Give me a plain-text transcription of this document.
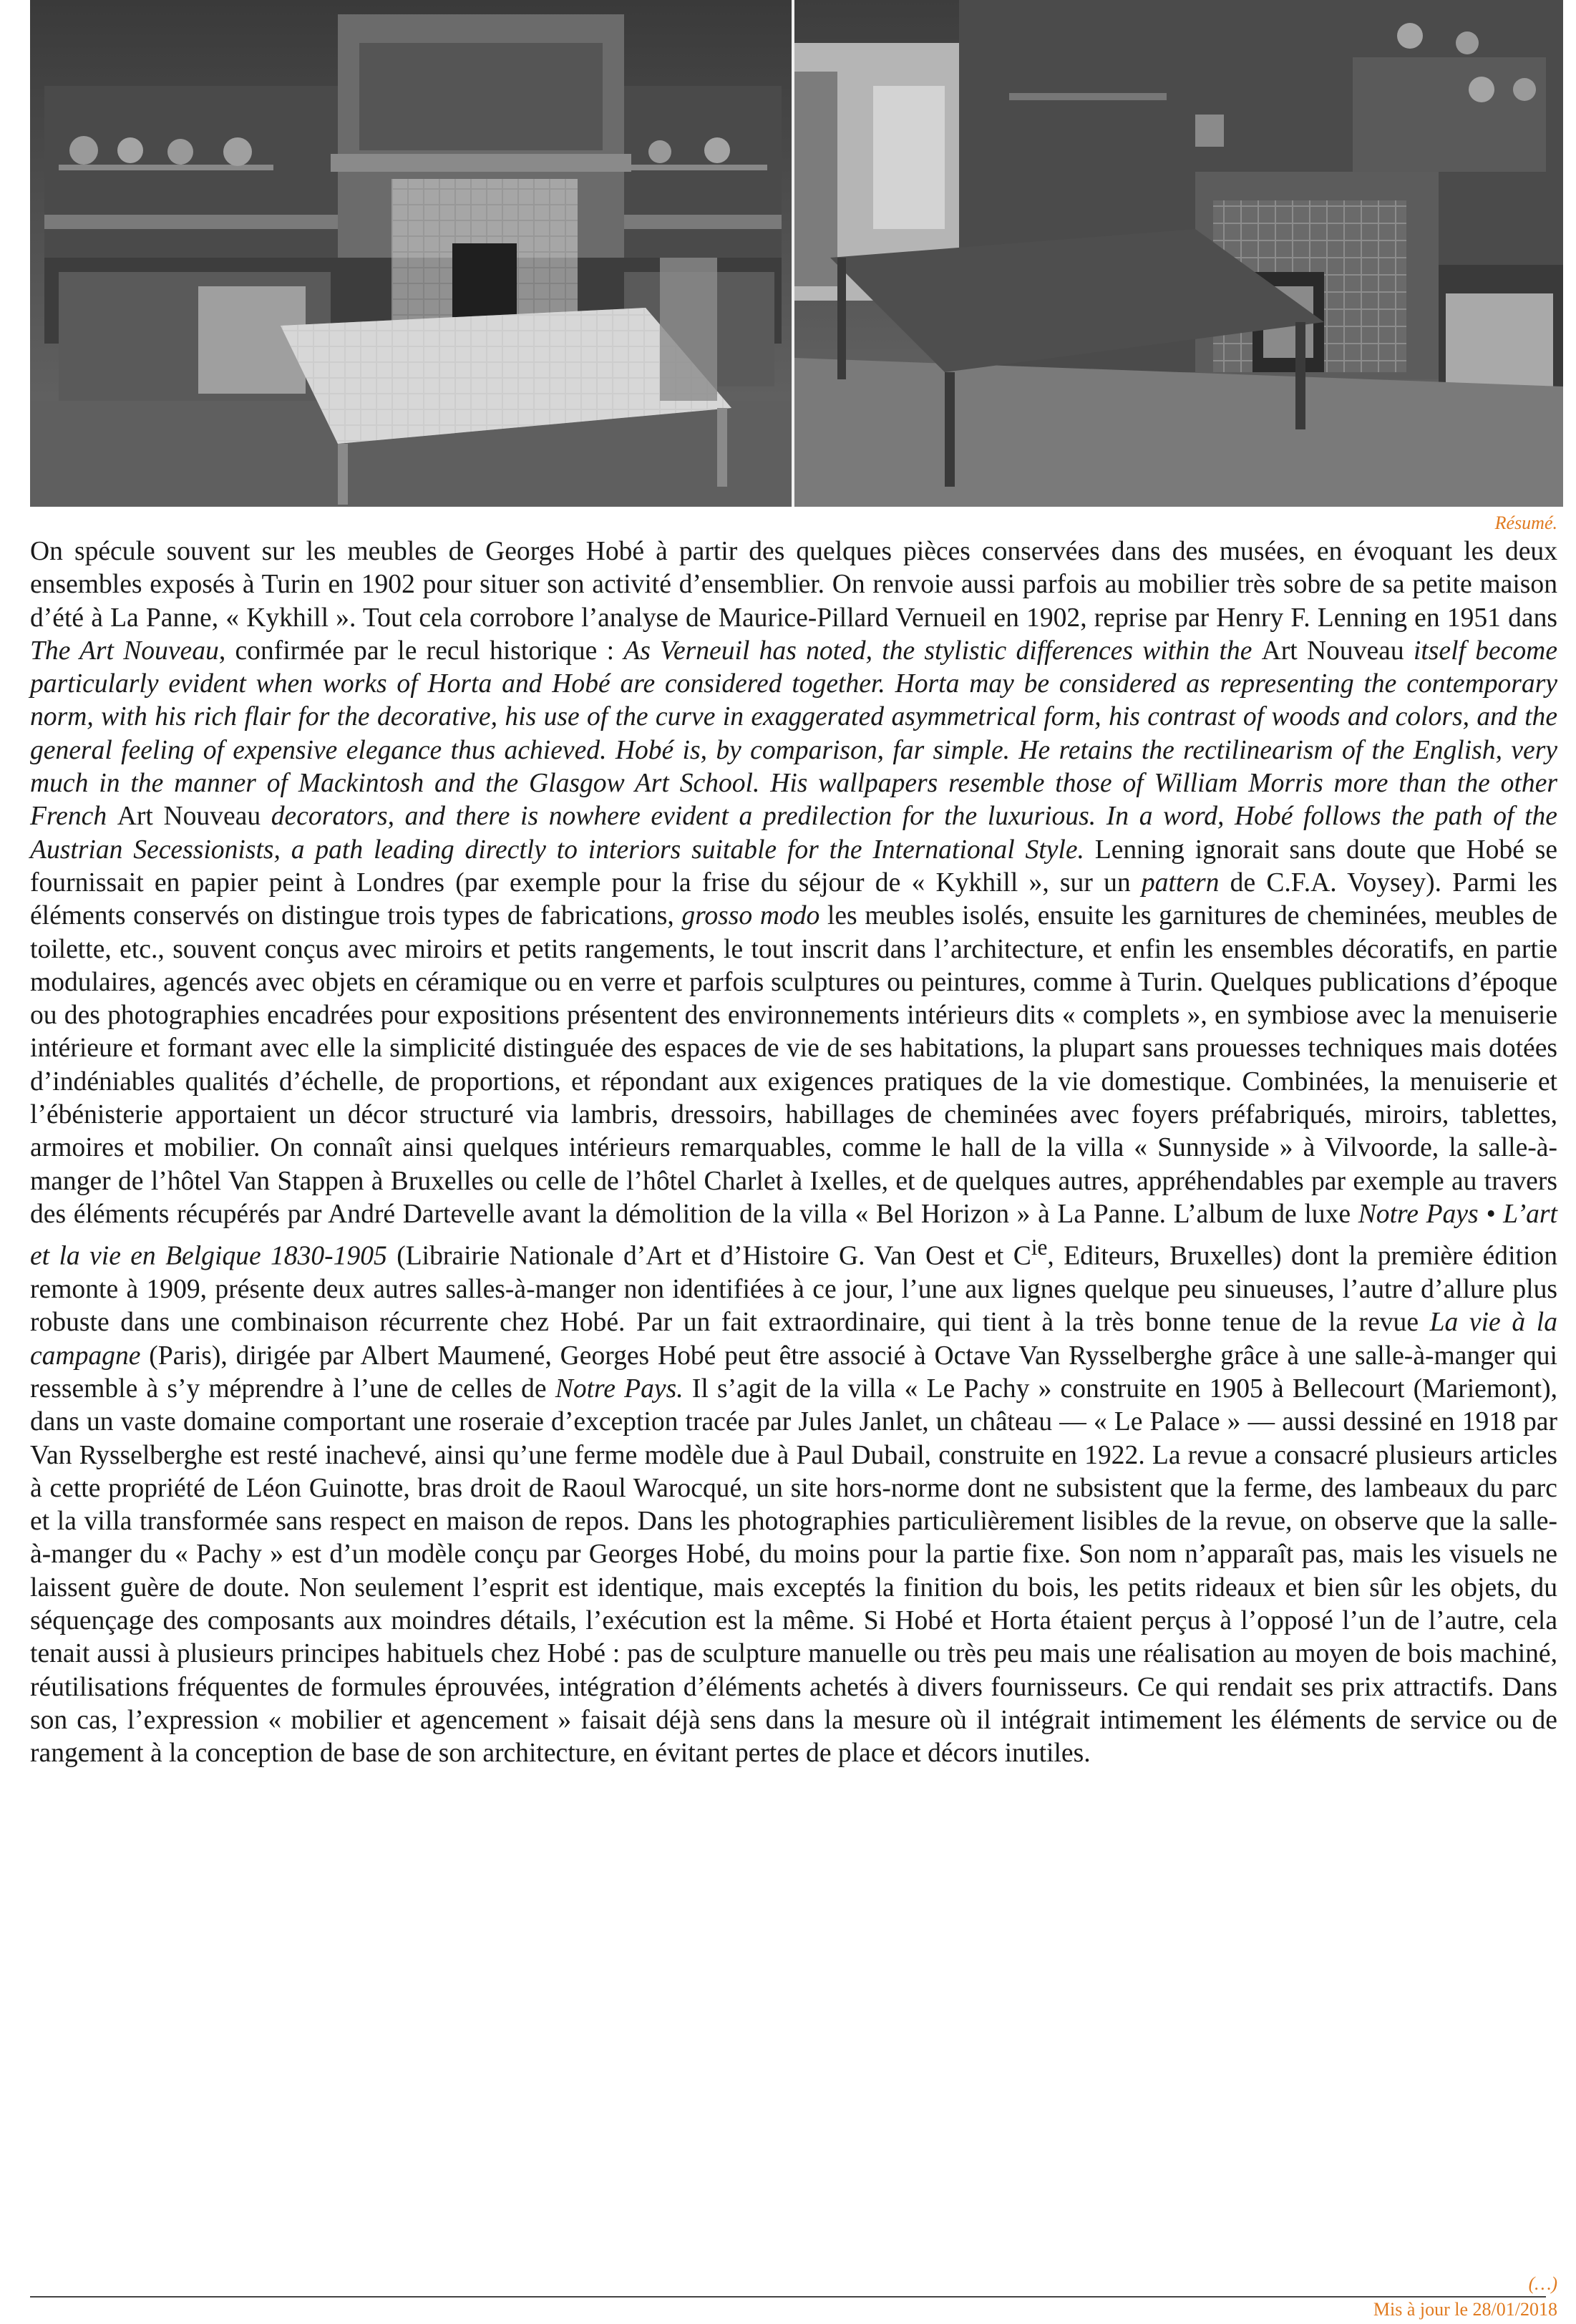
Résumé.

On spécule souvent sur les meubles de Georges Hobé à partir des quelques pièces conservées dans des musées, en évoquant les deux ensembles exposés à Turin en 1902 pour situer son activité d’ensemblier. On renvoie aussi parfois au mobilier très sobre de sa petite maison d’été à La Panne, « Kykhill ». Tout cela corrobore l’analyse de Maurice-Pillard Vernueil en 1902, reprise par Henry F. Lenning en 1951 dans The Art Nouveau, confirmée par le recul historique : As Verneuil has noted, the stylistic differences within the Art Nouveau itself become particularly evident when works of Horta and Hobé are considered together. Horta may be considered as representing the contemporary norm, with his rich flair for the decorative, his use of the curve in exaggerated asymmetrical form, his contrast of woods and colors, and the general feeling of expensive elegance thus achieved. Hobé is, by comparison, far simple. He retains the rectilinearism of the English, very much in the manner of Mackintosh and the Glasgow Art School. His wallpapers resemble those of William Morris more than the other French Art Nouveau decorators, and there is nowhere evident a predilection for the luxurious. In a word, Hobé follows the path of the Austrian Secessionists, a path leading directly to interiors suitable for the International Style. Lenning ignorait sans doute que Hobé se fournissait en papier peint à Londres (par exemple pour la frise du séjour de « Kykhill », sur un pattern de C.F.A. Voysey). Parmi les éléments conservés on distingue trois types de fabrications, grosso modo les meubles isolés, ensuite les garnitures de cheminées, meubles de toilette, etc., souvent conçus avec miroirs et petits rangements, le tout inscrit dans l’architecture, et enfin les ensembles décoratifs, en partie modulaires, agencés avec objets en céramique ou en verre et parfois sculptures ou peintures, comme à Turin. Quelques publications d’époque ou des photographies encadrées pour expositions présentent des environnements intérieurs dits « complets », en symbiose avec la menuiserie intérieure et formant avec elle la simplicité distinguée des espaces de vie de ses habitations, la plupart sans prouesses techniques mais dotées d’indéniables qualités d’échelle, de proportions, et répondant aux exigences pratiques de la vie domestique. Combinées, la menuiserie et l’ébénisterie apportaient un décor structuré via lambris, dressoirs, habillages de cheminées avec foyers préfabriqués, miroirs, tablettes, armoires et mobilier. On connaît ainsi quelques intérieurs remarquables, comme le hall de la villa « Sunnyside » à Vilvoorde, la salle-à-manger de l’hôtel Van Stappen à Bruxelles ou celle de l’hôtel Charlet à Ixelles, et de quelques autres, appréhendables par exemple au travers des éléments récupérés par André Dartevelle avant la démolition de la villa « Bel Horizon » à La Panne. L’album de luxe Notre Pays • L’art et la vie en Belgique 1830-1905 (Librairie Nationale d’Art et d’Histoire G. Van Oest et $C^{ie}$, Editeurs, Bruxelles) dont la première édition remonte à 1909, présente deux autres salles-à-manger non identifiées à ce jour, l’une aux lignes quelque peu sinueuses, l’autre d’allure plus robuste dans une combinaison récurrente chez Hobé. Par un fait extraordinaire, qui tient à la très bonne tenue de la revue La vie à la campagne (Paris), dirigée par Albert Maumené, Georges Hobé peut être associé à Octave Van Rysselberghe grâce à une salle-à-manger qui ressemble à s’y méprendre à l’une de celles de Notre Pays. Il s’agit de la villa « Le Pachy » construite en 1905 à Bellecourt (Mariemont), dans un vaste domaine comportant une roseraie d’exception tracée par Jules Janlet, un château — « Le Palace » — aussi dessiné en 1918 par Van Rysselberghe est resté inachevé, ainsi qu’une ferme modèle due à Paul Dubail, construite en 1922. La revue a consacré plusieurs articles à cette propriété de Léon Guinotte, bras droit de Raoul Warocqué, un site hors-norme dont ne subsistent que la ferme, des lambeaux du parc et la villa transformée sans respect en maison de repos. Dans les photographies particulièrement lisibles de la revue, on observe que la salle-à-manger du « Pachy » est d’un modèle conçu par Georges Hobé, du moins pour la partie fixe. Son nom n’apparaît pas, mais les visuels ne laissent guère de doute. Non seulement l’esprit est identique, mais exceptés la finition du bois, les petits rideaux et bien sûr les objets, du séquençage des composants aux moindres détails, l’exécution est la même. Si Hobé et Horta étaient perçus à l’opposé l’un de l’autre, cela tenait aussi à plusieurs principes habituels chez Hobé : pas de sculpture manuelle ou très peu mais une réalisation au moyen de bois machiné, réutilisations fréquentes de formules éprouvées, intégration d’éléments achetés à divers fournisseurs. Ce qui rendait ses prix attractifs. Dans son cas, l’expression « mobilier et agencement » faisait déjà sens dans la mesure où il intégrait intimement les éléments de service ou de rangement à la conception de base de son architecture, en évitant pertes de place et décors inutiles.

(…)
Mis à jour le 28/01/2018
